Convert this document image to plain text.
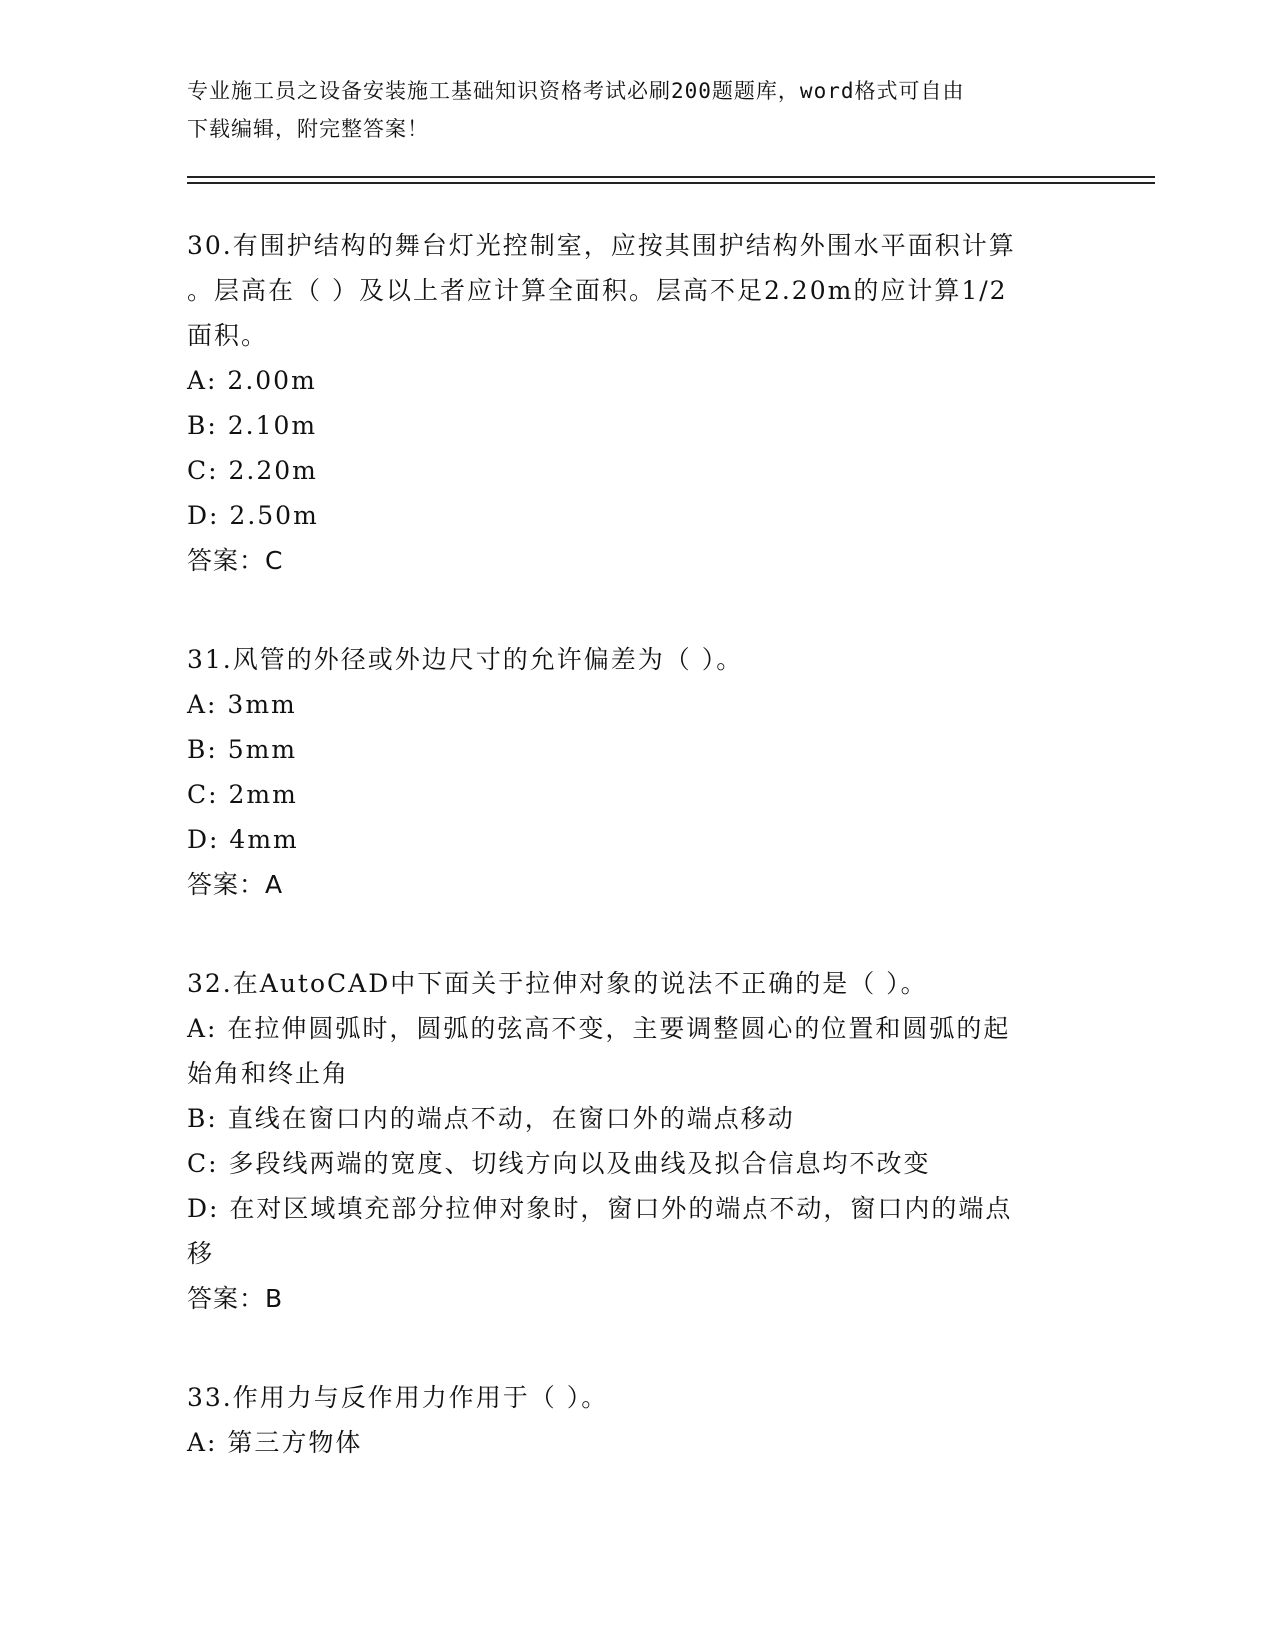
专业施工员之设备安装施工基础知识资格考试必刷200题题库，word格式可自由
下载编辑，附完整答案！
30.有围护结构的舞台灯光控制室，应按其围护结构外围水平面积计算
。层高在（ ）及以上者应计算全面积。层高不足2.20m的应计算1/2
面积。
A: 2.00m
B: 2.10m
C: 2.20m
D: 2.50m
答案：C
31.风管的外径或外边尺寸的允许偏差为（ ）。
A: 3mm
B: 5mm
C: 2mm
D: 4mm
答案：A
32.在AutoCAD中下面关于拉伸对象的说法不正确的是（ ）。
A: 在拉伸圆弧时，圆弧的弦高不变，主要调整圆心的位置和圆弧的起
始角和终止角
B: 直线在窗口内的端点不动，在窗口外的端点移动
C: 多段线两端的宽度、切线方向以及曲线及拟合信息均不改变
D: 在对区域填充部分拉伸对象时，窗口外的端点不动，窗口内的端点
移
答案：B
33.作用力与反作用力作用于（ ）。
A: 第三方物体
